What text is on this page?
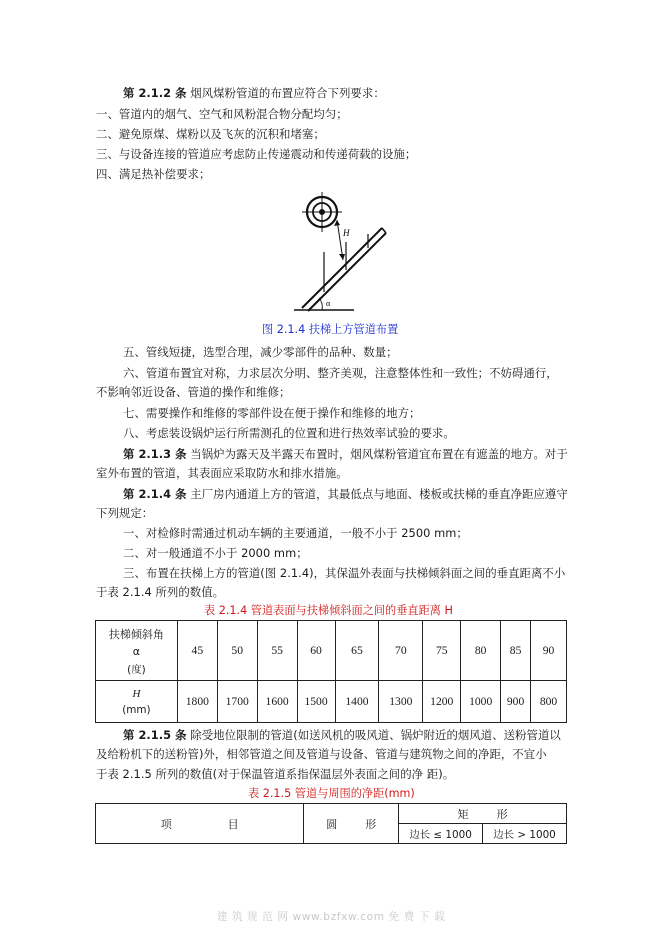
第 2.1.2 条 烟风煤粉管道的布置应符合下列要求：
一、管道内的烟气、空气和风粉混合物分配均匀；
二、避免原煤、煤粉以及飞灰的沉积和堵塞；
三、与设备连接的管道应考虑防止传递震动和传递荷载的设施；
四、满足热补偿要求；
H
α
图 2.1.4 扶梯上方管道布置
五、管线短捷，选型合理，减少零部件的品种、数量；
六、管道布置宜对称，力求层次分明、整齐美观，注意整体性和一致性；不妨碍通行，
不影响邻近设备、管道的操作和维修；
七、需要操作和维修的零部件设在便于操作和维修的地方；
八、考虑装设锅炉运行所需测孔的位置和进行热效率试验的要求。
第 2.1.3 条 当锅炉为露天及半露天布置时，烟风煤粉管道宜布置在有遮盖的地方。对于
室外布置的管道，其表面应采取防水和排水措施。
第 2.1.4 条 主厂房内通道上方的管道，其最低点与地面、楼板或扶梯的垂直净距应遵守
下列规定：
一、对检修时需通过机动车辆的主要通道，一般不小于 2500 mm；
二、对一般通道不小于 2000 mm；
三、布置在扶梯上方的管道(图 2.1.4)，其保温外表面与扶梯倾斜面之间的垂直距离不小
于表 2.1.4 所列的数值。
表 2.1.4 管道表面与扶梯倾斜面之间的垂直距离 H
扶梯倾斜角
α
(度)	45	50	55	60	65	70	75	80	85	90

H
(mm)	1800	1700	1600	1500	1400	1300	1200	1000	900	800
第 2.1.5 条 除受地位限制的管道(如送风机的吸风道、锅炉附近的烟风道、送粉管道以
及给粉机下的送粉管)外，相邻管道之间及管道与设备、管道与建筑物之间的净距，不宜小
于表 2.1.5 所列的数值(对于保温管道系指保温层外表面之间的净 距)。
表 2.1.5 管道与周围的净距(mm)
项                目	圆        形	矩        形	
		边长 ≤ 1000	边长 > 1000
建 筑 规 范 网 www.bzfxw.com 免 费 下 载
